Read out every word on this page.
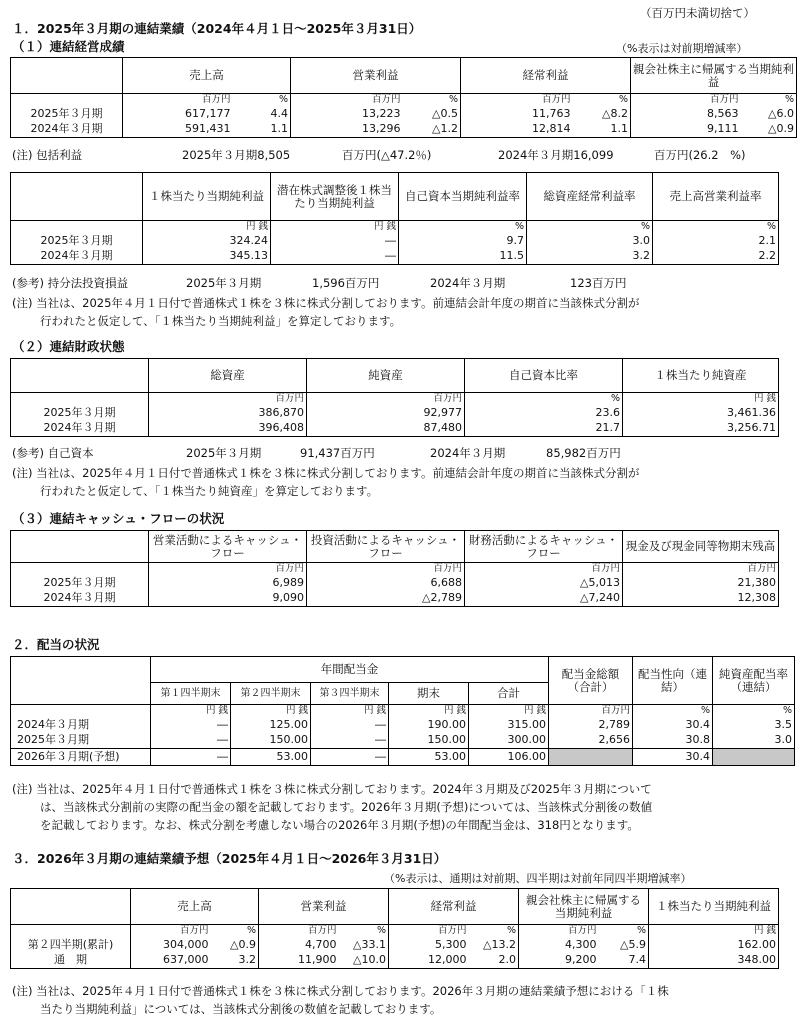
（百万円未満切捨て）
１．2025年３月期の連結業績（2024年４月１日～2025年３月31日）
（１）連結経営成績	（%表示は対前期増減率）
	売上高		営業利益		経常利益		親会社株主に帰属する当期純利益	
	百万円	%	百万円	%	百万円	%	百万円	%
2025年３月期	617,177	4.4	13,223	△0.5	11,763	△8.2	8,563	△6.0
2024年３月期	591,431	1.1	13,296	△1.2	12,814	1.1	9,111	△0.9
(注) 包括利益	2025年３月期8,505	百万円(△47.2％)	2024年３月期16,099	百万円(26.2　%)
	１株当たり当期純利益	潜在株式調整後１株当たり当期純利益	自己資本当期純利益率	総資産経常利益率	売上高営業利益率
	円 銭	円 銭	%	%	%
2025年３月期	324.24	―	9.7	3.0	2.1
2024年３月期	345.13	―	11.5	3.2	2.2
(参考) 持分法投資損益	2025年３月期	1,596百万円	2024年３月期	123百万円
(注) 当社は、2025年４月１日付で普通株式１株を３株に株式分割しております。前連結会計年度の期首に当該株式分割が
行われたと仮定して、「１株当たり当期純利益」を算定しております。
（２）連結財政状態
	総資産	純資産	自己資本比率	１株当たり純資産
	百万円	百万円	%	円 銭
2025年３月期	386,870	92,977	23.6	3,461.36
2024年３月期	396,408	87,480	21.7	3,256.71
(参考) 自己資本	2025年３月期	91,437百万円	2024年３月期	85,982百万円
(注) 当社は、2025年４月１日付で普通株式１株を３株に株式分割しております。前連結会計年度の期首に当該株式分割が
行われたと仮定して、「１株当たり純資産」を算定しております。
（３）連結キャッシュ・フローの状況
	営業活動によるキャッシュ・フロー	投資活動によるキャッシュ・フロー	財務活動によるキャッシュ・フロー	現金及び現金同等物期末残高
	百万円	百万円	百万円	百万円
2025年３月期	6,989	6,688	△5,013	21,380
2024年３月期	9,090	△2,789	△7,240	12,308
２．配当の状況
	年間配当金					配当金総額（合計）	配当性向（連結）	純資産配当率（連結）
	第１四半期末	第２四半期末	第３四半期末	期末	合計			
	円 銭	円 銭	円 銭	円 銭	円 銭	百万円	%	%
2024年３月期	―	125.00	―	190.00	315.00	2,789	30.4	3.5
2025年３月期	―	150.00	―	150.00	300.00	2,656	30.8	3.0
2026年３月期(予想)	―	53.00	―	53.00	106.00		30.4	
(注) 当社は、2025年４月１日付で普通株式１株を３株に株式分割しております。2024年３月期及び2025年３月期について
は、当該株式分割前の実際の配当金の額を記載しております。2026年３月期(予想)については、当該株式分割後の数値
を記載しております。なお、株式分割を考慮しない場合の2026年３月期(予想)の年間配当金は、318円となります。
３．2026年３月期の連結業績予想（2025年４月１日～2026年３月31日）
（%表示は、通期は対前期、四半期は対前年同四半期増減率）
	売上高		営業利益		経常利益		親会社株主に帰属する当期純利益		１株当たり当期純利益
	百万円	%	百万円	%	百万円	%	百万円	%	円 銭
第２四半期(累計)	304,000	△0.9	4,700	△33.1	5,300	△13.2	4,300	△5.9	162.00
通　期	637,000	3.2	11,900	△10.0	12,000	2.0	9,200	7.4	348.00
(注) 当社は、2025年４月１日付で普通株式１株を３株に株式分割しております。2026年３月期の連結業績予想における「１株
当たり当期純利益」については、当該株式分割後の数値を記載しております。
